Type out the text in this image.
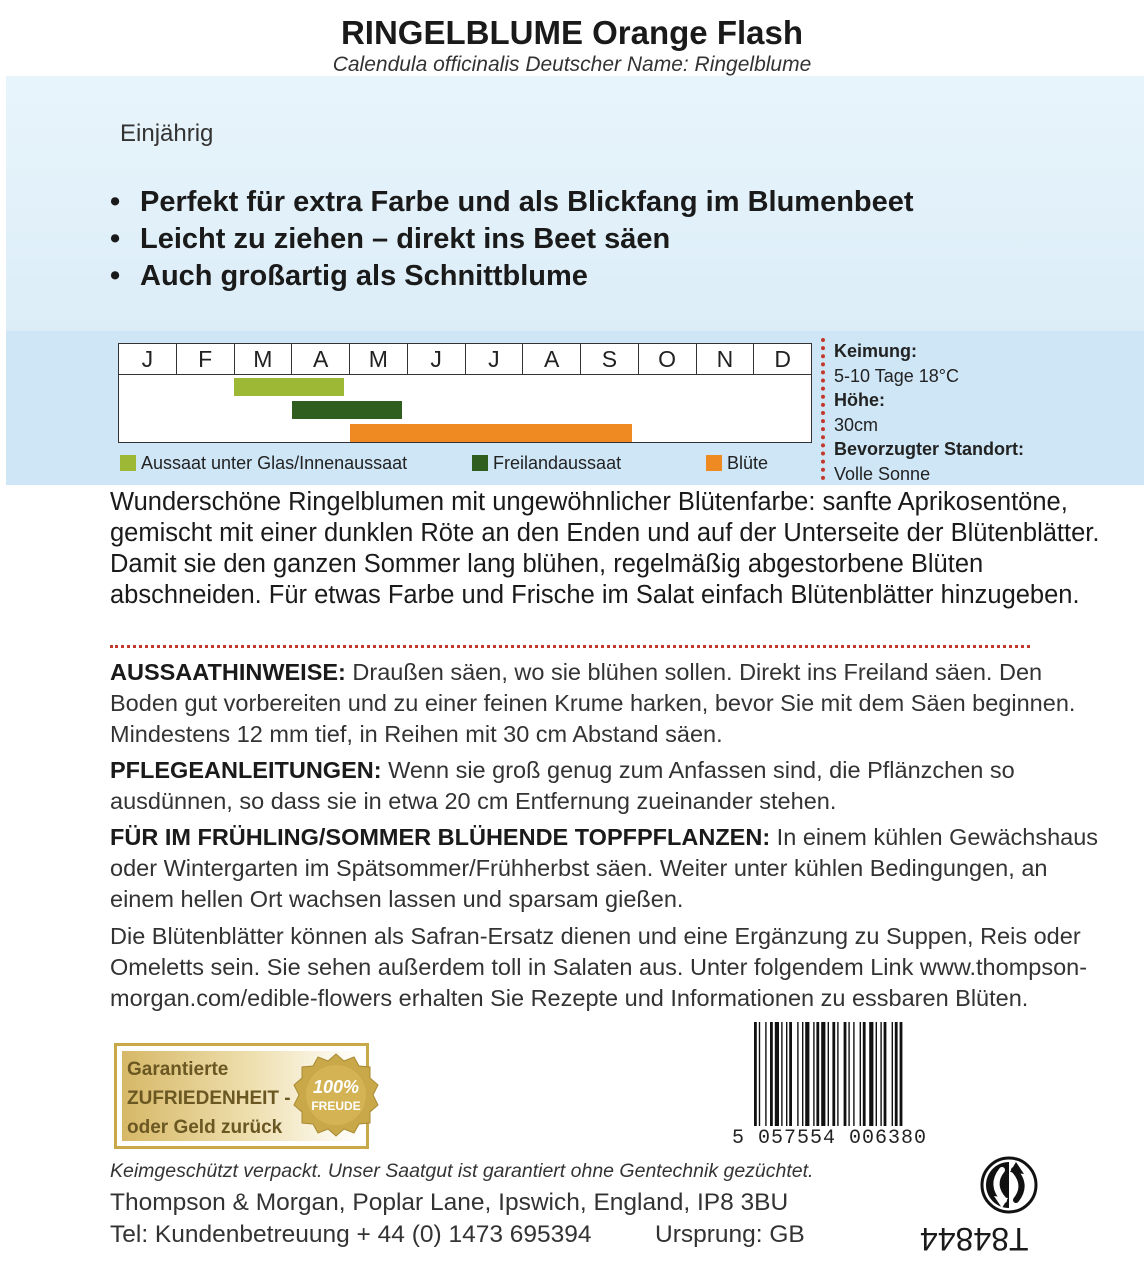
RINGELBLUME Orange Flash
Calendula officinalis Deutscher Name: Ringelblume
Einjährig
• Perfekt für extra Farbe und als Blickfang im Blumenbeet
• Leicht zu ziehen – direkt ins Beet säen
• Auch großartig als Schnittblume
J	F	M	A	M	J	J	A	S	O	N	D
Aussaat unter Glas/Innenaussaat	Freilandaussaat	Blüte
Keimung:
5-10 Tage 18°C
Höhe:
30cm
Bevorzugter Standort:
Volle Sonne
Wunderschöne Ringelblumen mit ungewöhnlicher Blütenfarbe: sanfte Aprikosentöne, gemischt mit einer dunklen Röte an den Enden und auf der Unterseite der Blütenblätter. Damit sie den ganzen Sommer lang blühen, regelmäßig abgestorbene Blüten abschneiden. Für etwas Farbe und Frische im Salat einfach Blütenblätter hinzugeben.
AUSSAATHINWEISE: Draußen säen, wo sie blühen sollen. Direkt ins Freiland säen. Den Boden gut vorbereiten und zu einer feinen Krume harken, bevor Sie mit dem Säen beginnen. Mindestens 12 mm tief, in Reihen mit 30 cm Abstand säen.
PFLEGEANLEITUNGEN: Wenn sie groß genug zum Anfassen sind, die Pflänzchen so ausdünnen, so dass sie in etwa 20 cm Entfernung zueinander stehen.
FÜR IM FRÜHLING/SOMMER BLÜHENDE TOPFPFLANZEN: In einem kühlen Gewächshaus oder Wintergarten im Spätsommer/Frühherbst säen. Weiter unter kühlen Bedingungen, an einem hellen Ort wachsen lassen und sparsam gießen.
Die Blütenblätter können als Safran-Ersatz dienen und eine Ergänzung zu Suppen, Reis oder Omeletts sein. Sie sehen außerdem toll in Salaten aus. Unter folgendem Link www.thompson-morgan.com/edible-flowers erhalten Sie Rezepte und Informationen zu essbaren Blüten.
Garantierte
ZUFRIEDENHEIT -
oder Geld zurück
100%
FREUDE
5 057554 006380
Keimgeschützt verpackt. Unser Saatgut ist garantiert ohne Gentechnik gezüchtet.
Thompson & Morgan, Poplar Lane, Ipswich, England, IP8 3BU
Tel: Kundenbetreuung + 44 (0) 1473 695394	Ursprung: GB	T84844
